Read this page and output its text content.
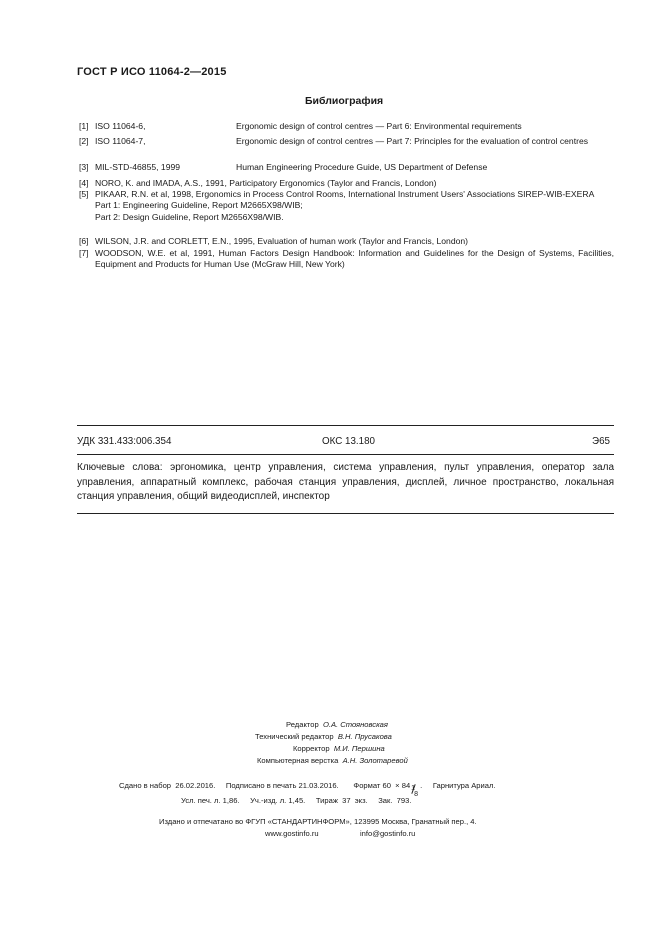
ГОСТ Р ИСО 11064-2—2015
Библиография
[1] ISO 11064-6,	Ergonomic design of control centres — Part 6: Environmental requirements
[2] ISO 11064-7,	Ergonomic design of control centres — Part 7: Principles for the evaluation of control centres
[3] MIL-STD-46855, 1999	Human Engineering Procedure Guide, US Department of Defense
[4] NORO, K. and IMADA, A.S., 1991, Participatory Ergonomics (Taylor and Francis, London)
[5] PIKAAR, R.N. et al, 1998, Ergonomics in Process Control Rooms, International Instrument Users' Associations SIREP-WIB-EXERA
Part 1: Engineering Guideline, Report M2665X98/WIB;
Part 2: Design Guideline, Report M2656X98/WIB.
[6] WILSON, J.R. and CORLETT, E.N., 1995, Evaluation of human work (Taylor and Francis, London)
[7] WOODSON, W.E. et al, 1991, Human Factors Design Handbook: Information and Guidelines for the Design of Systems, Facilities, Equipment and Products for Human Use (McGraw Hill, New York)
УДК 331.433:006.354	ОКС 13.180	Э65
Ключевые слова: эргономика, центр управления, система управления, пульт управления, оператор зала управления, аппаратный комплекс, рабочая станция управления, дисплей, личное пространство, локальная станция управления, общий видеодисплей, инспектор
Редактор О.А. Стояновская
Технический редактор В.Н. Прусакова
Корректор М.И. Першина
Компьютерная верстка А.Н. Золотаревой
Сдано в набор  26.02.2016.     Подписано в печать 21.03.2016.       Формат 60  × 84
8
.     Гарнитура Ариал.
Усл. печ. л. 1,86.     Уч.-изд. л. 1,45.     Тираж  37  экз.     Зак.  793.
Издано и отпечатано во ФГУП «СТАНДАРТИНФОРМ», 123995 Москва, Гранатный пер., 4.
www.gostinfo.ru	info@gostinfo.ru
